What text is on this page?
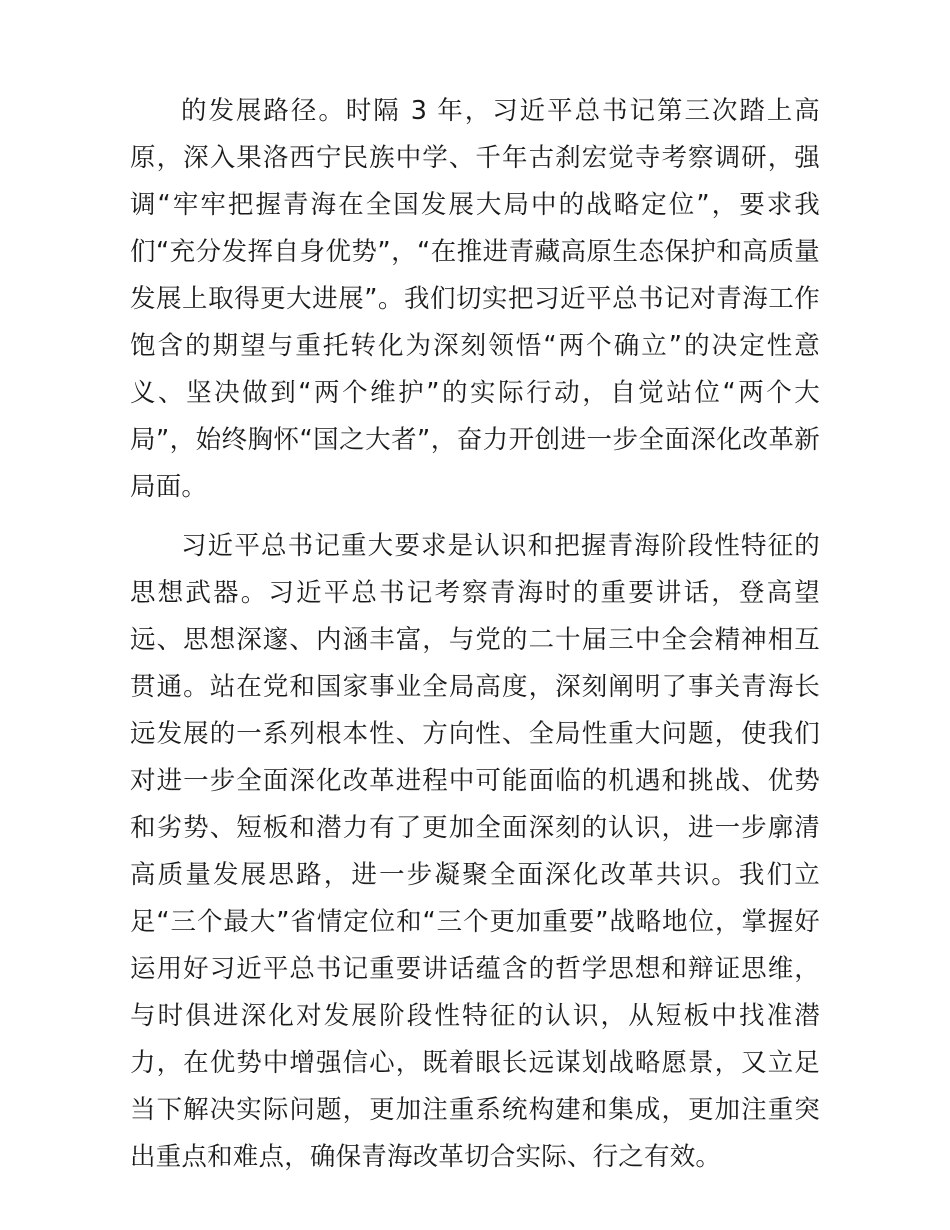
的发展路径。时隔 3 年，习近平总书记第三次踏上高原，深入果洛西宁民族中学、千年古刹宏觉寺考察调研，强调“牢牢把握青海在全国发展大局中的战略定位”，要求我们“充分发挥自身优势”，“在推进青藏高原生态保护和高质量发展上取得更大进展”。我们切实把习近平总书记对青海工作饱含的期望与重托转化为深刻领悟“两个确立”的决定性意义、坚决做到“两个维护”的实际行动，自觉站位“两个大局”，始终胸怀“国之大者”，奋力开创进一步全面深化改革新局面。

习近平总书记重大要求是认识和把握青海阶段性特征的思想武器。习近平总书记考察青海时的重要讲话，登高望远、思想深邃、内涵丰富，与党的二十届三中全会精神相互贯通。站在党和国家事业全局高度，深刻阐明了事关青海长远发展的一系列根本性、方向性、全局性重大问题，使我们对进一步全面深化改革进程中可能面临的机遇和挑战、优势和劣势、短板和潜力有了更加全面深刻的认识，进一步廓清高质量发展思路，进一步凝聚全面深化改革共识。我们立足“三个最大”省情定位和“三个更加重要”战略地位，掌握好运用好习近平总书记重要讲话蕴含的哲学思想和辩证思维，与时俱进深化对发展阶段性特征的认识，从短板中找准潜力，在优势中增强信心，既着眼长远谋划战略愿景，又立足当下解决实际问题，更加注重系统构建和集成，更加注重突出重点和难点，确保青海改革切合实际、行之有效。
